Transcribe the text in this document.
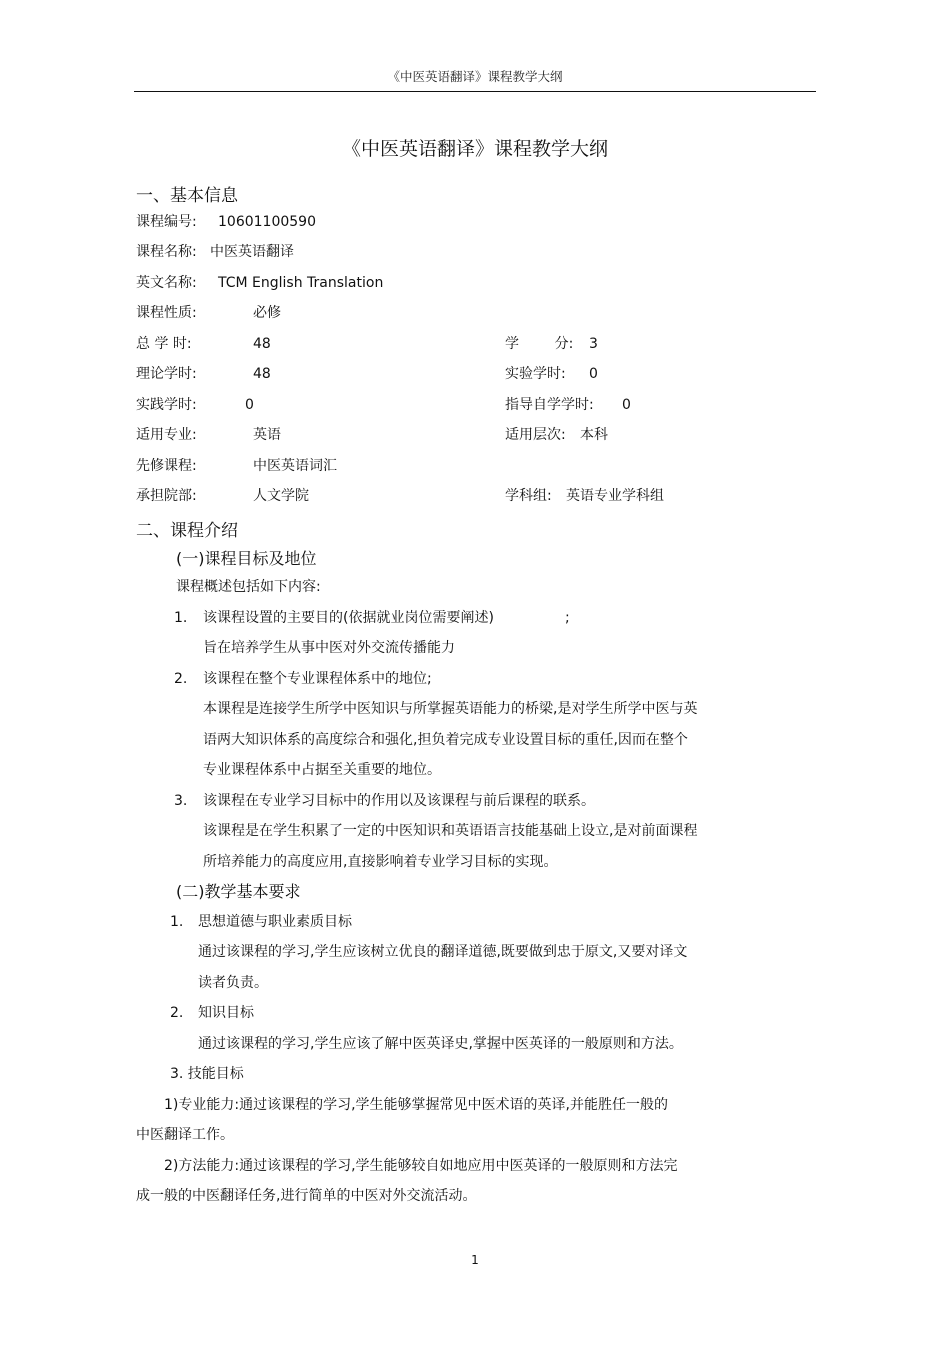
《中医英语翻译》课程教学大纲
《中医英语翻译》课程教学大纲
一、基本信息
课程编号: 10601100590
课程名称: 中医英语翻译
英文名称: TCM English Translation
课程性质:	必修
总 学 时:	48	学        分: 3
理论学时:	48	实验学时: 0
实践学时:	0	指导自学学时: 0
适用专业:	英语	适用层次: 本科
先修课程:	中医英语词汇
承担院部:	人文学院	学科组: 英语专业学科组
二、课程介绍
(一)课程目标及地位
课程概述包括如下内容:
1. 该课程设置的主要目的(依据就业岗位需要阐述)	;
旨在培养学生从事中医对外交流传播能力
2. 该课程在整个专业课程体系中的地位;
本课程是连接学生所学中医知识与所掌握英语能力的桥梁,是对学生所学中医与英
语两大知识体系的高度综合和强化,担负着完成专业设置目标的重任,因而在整个
专业课程体系中占据至关重要的地位。
3. 该课程在专业学习目标中的作用以及该课程与前后课程的联系。
该课程是在学生积累了一定的中医知识和英语语言技能基础上设立,是对前面课程
所培养能力的高度应用,直接影响着专业学习目标的实现。
(二)教学基本要求
1. 思想道德与职业素质目标
通过该课程的学习,学生应该树立优良的翻译道德,既要做到忠于原文,又要对译文
读者负责。
2. 知识目标
通过该课程的学习,学生应该了解中医英译史,掌握中医英译的一般原则和方法。
3. 技能目标
1)专业能力:通过该课程的学习,学生能够掌握常见中医术语的英译,并能胜任一般的
中医翻译工作。
2)方法能力:通过该课程的学习,学生能够较自如地应用中医英译的一般原则和方法完
成一般的中医翻译任务,进行简单的中医对外交流活动。
1
